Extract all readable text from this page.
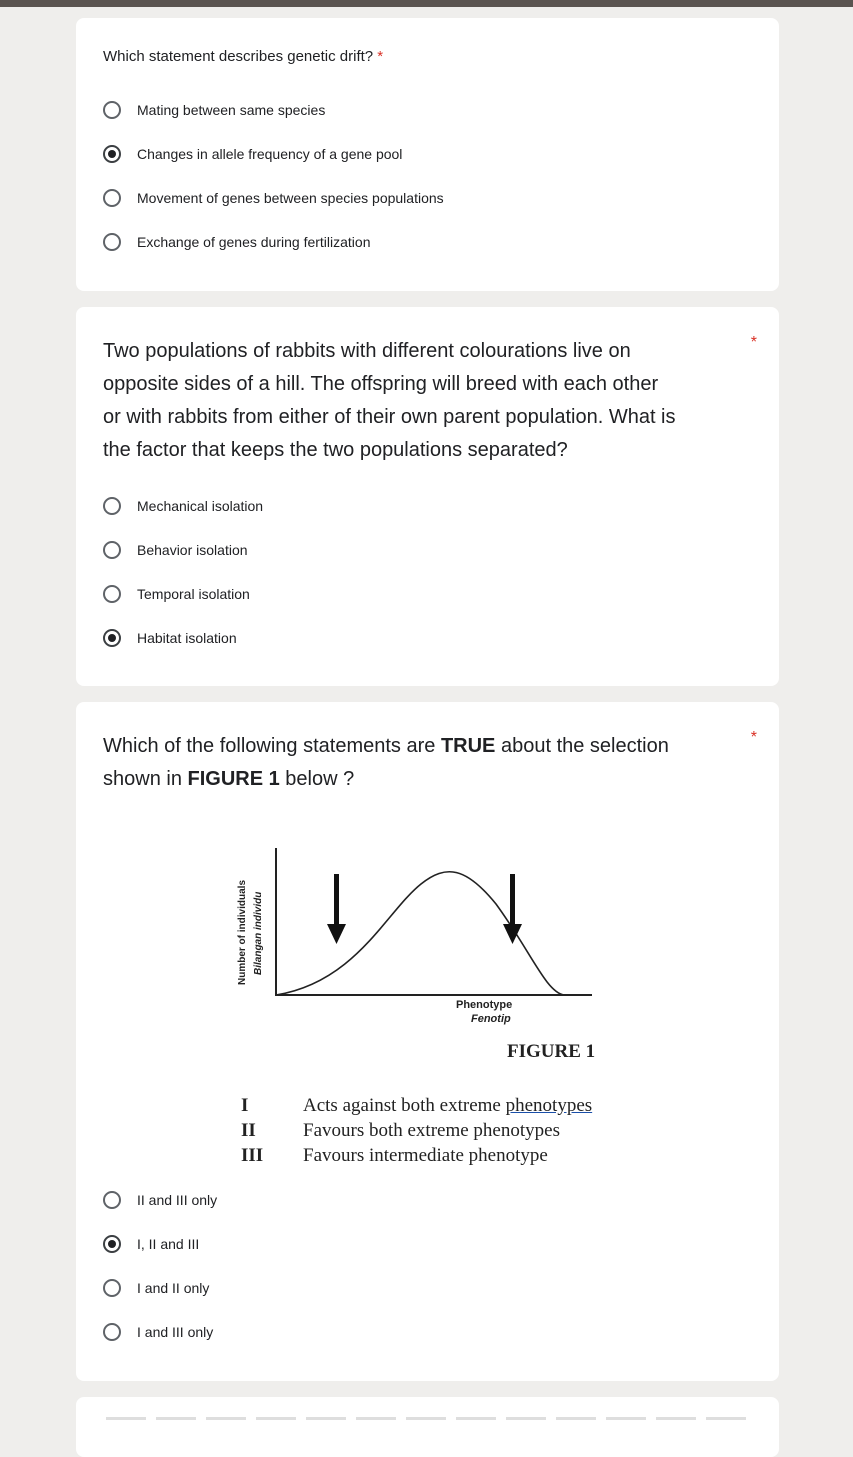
Which statement describes genetic drift? *
Mating between same species
Changes in allele frequency of a gene pool
Movement of genes between species populations
Exchange of genes during fertilization
Two populations of rabbits with different colourations live on
opposite sides of a hill. The offspring will breed with each other
or with rabbits from either of their own parent population. What is
the factor that keeps the two populations separated?
*
Mechanical isolation
Behavior isolation
Temporal isolation
Habitat isolation
Which of the following statements are TRUE about the selection
shown in FIGURE 1 below ?
*
Number of individuals Bilangan individu
Phenotype
Fenotip
FIGURE 1
I	Acts against both extreme phenotypes
II Favours both extreme phenotypes
III Favours intermediate phenotype
II and III only
I, II and III
I and II only
I and III only
